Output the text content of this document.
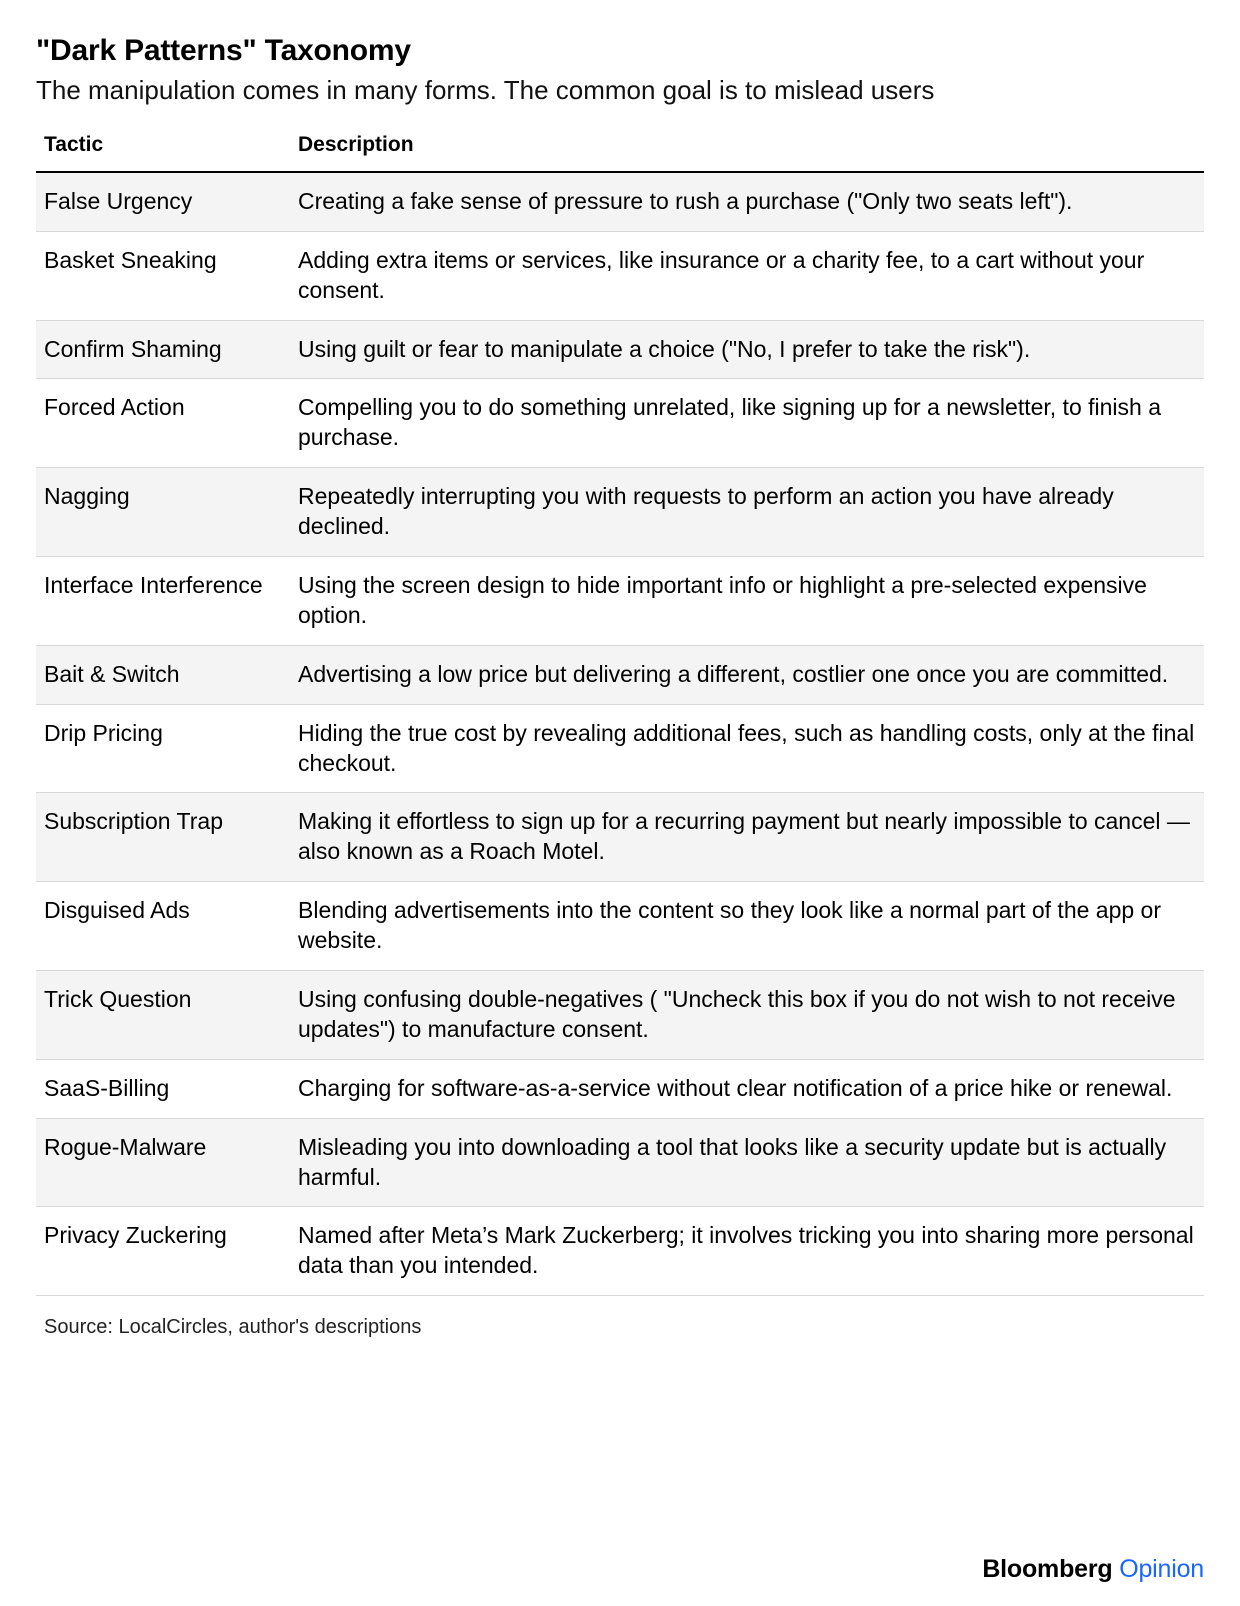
"Dark Patterns" Taxonomy

The manipulation comes in many forms. The common goal is to mislead users

Tactic	Description
False Urgency	Creating a fake sense of pressure to rush a purchase ("Only two seats left").
Basket Sneaking	Adding extra items or services, like insurance or a charity fee, to a cart without your consent.
Confirm Shaming	Using guilt or fear to manipulate a choice ("No, I prefer to take the risk").
Forced Action	Compelling you to do something unrelated, like signing up for a newsletter, to finish a purchase.
Nagging	Repeatedly interrupting you with requests to perform an action you have already declined.
Interface Interference	Using the screen design to hide important info or highlight a pre-selected expensive option.
Bait & Switch	Advertising a low price but delivering a different, costlier one once you are committed.
Drip Pricing	Hiding the true cost by revealing additional fees, such as handling costs, only at the final checkout.
Subscription Trap	Making it effortless to sign up for a recurring payment but nearly impossible to cancel — also known as a Roach Motel.
Disguised Ads	Blending advertisements into the content so they look like a normal part of the app or website.
Trick Question	Using confusing double-negatives ( "Uncheck this box if you do not wish to not receive updates") to manufacture consent.
SaaS-Billing	Charging for software-as-a-service without clear notification of a price hike or renewal.
Rogue-Malware	Misleading you into downloading a tool that looks like a security update but is actually harmful.
Privacy Zuckering	Named after Meta’s Mark Zuckerberg; it involves tricking you into sharing more personal data than you intended.
Source: LocalCircles, author's descriptions
Bloomberg Opinion
